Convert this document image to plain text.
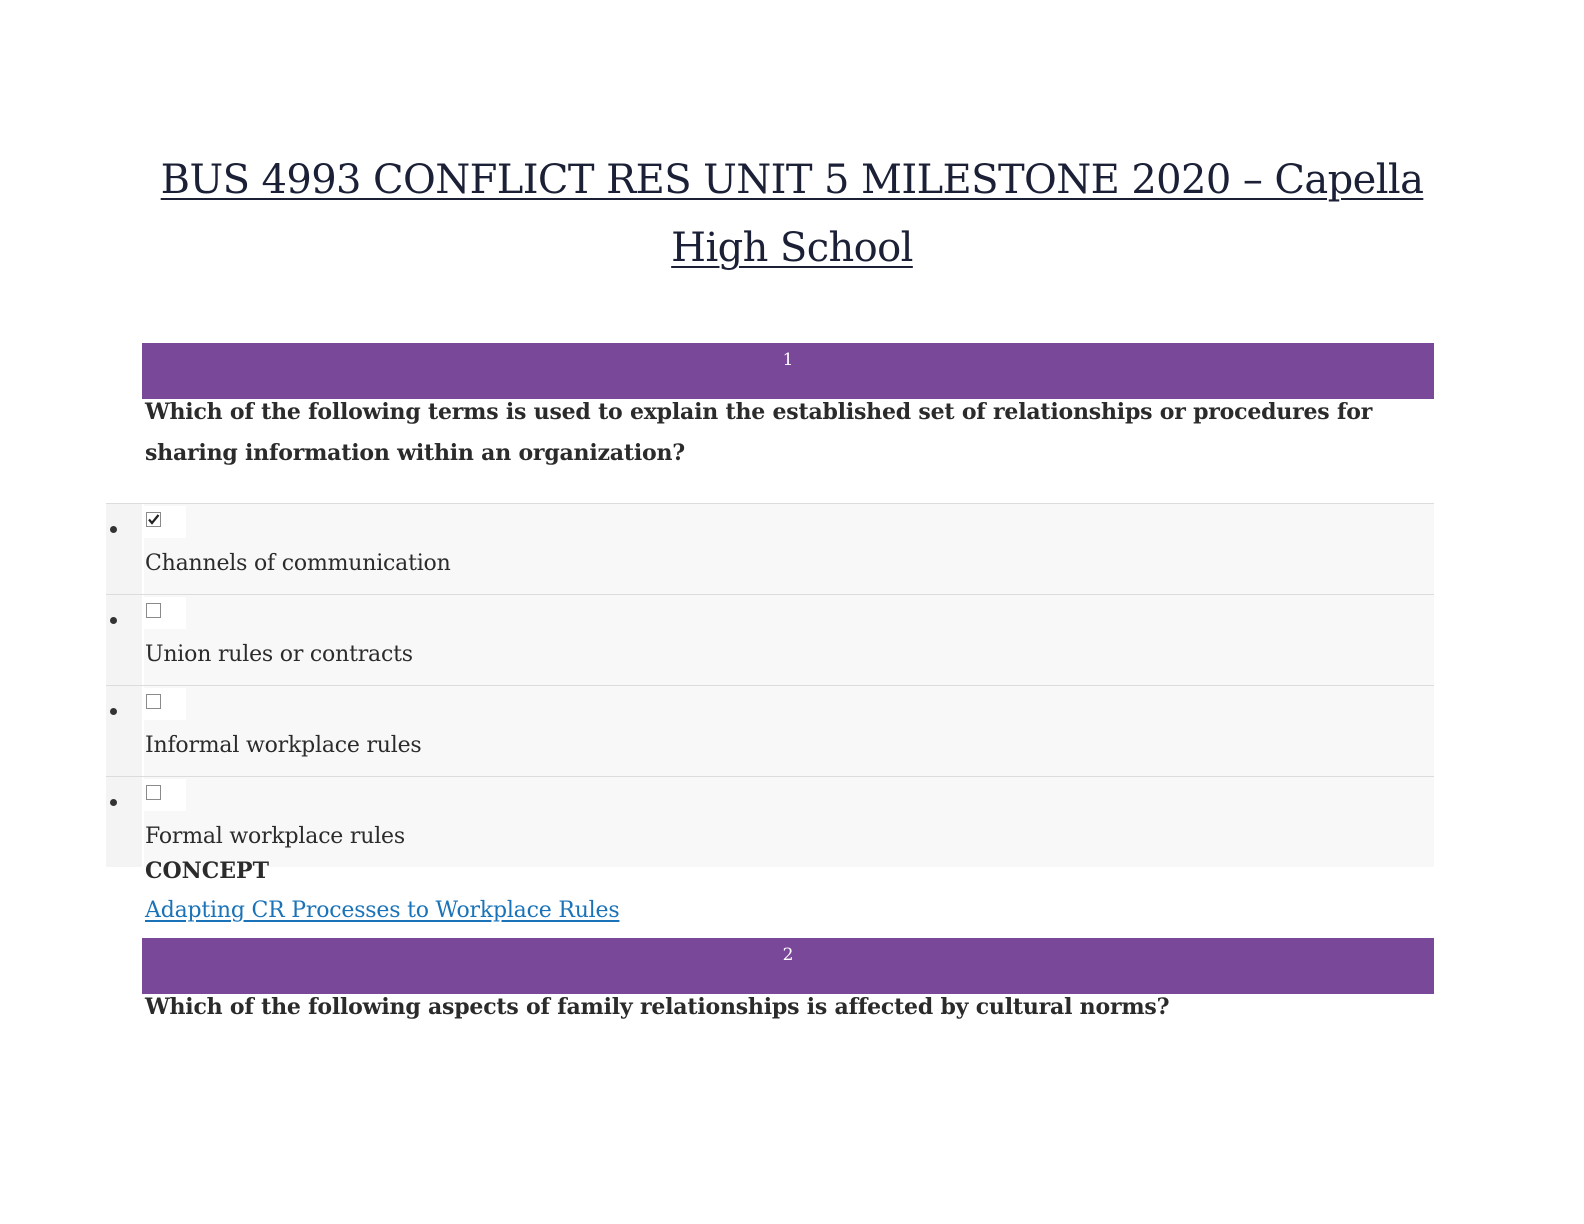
BUS 4993 CONFLICT RES UNIT 5 MILESTONE 2020 – Capella High School
1
Which of the following terms is used to explain the established set of relationships or procedures for sharing information within an organization?
Channels of communication
Union rules or contracts
Informal workplace rules
Formal workplace rules
CONCEPT
Adapting CR Processes to Workplace Rules
2
Which of the following aspects of family relationships is affected by cultural norms?
